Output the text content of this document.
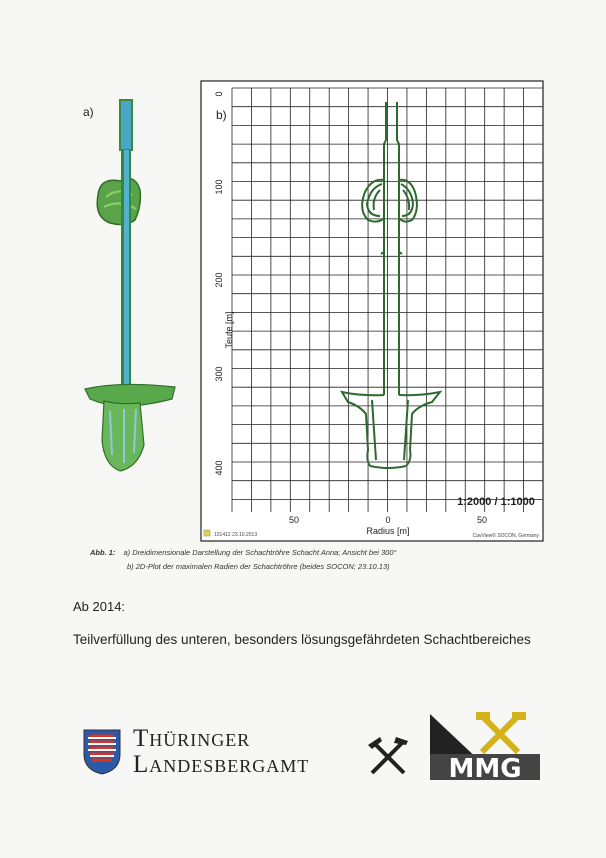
a)
Teufe [m]
0
100
200
300
400
b)
50	0	50
Radius [m]
1:2000 / 1:1000
131412 23.10.2013	CavView© SOCON, Germany
Abb. 1: a) Dreidimensionale Darstellung der Schachtröhre Schacht Anna; Ansicht bei 300°
b) 2D-Plot der maximalen Radien der Schachtröhre (beides SOCON; 23.10.13)
Ab 2014:
Teilverfüllung des unteren, besonders lösungsgefährdeten Schachtbereiches
Thüringer
Landesbergamt	MMG
